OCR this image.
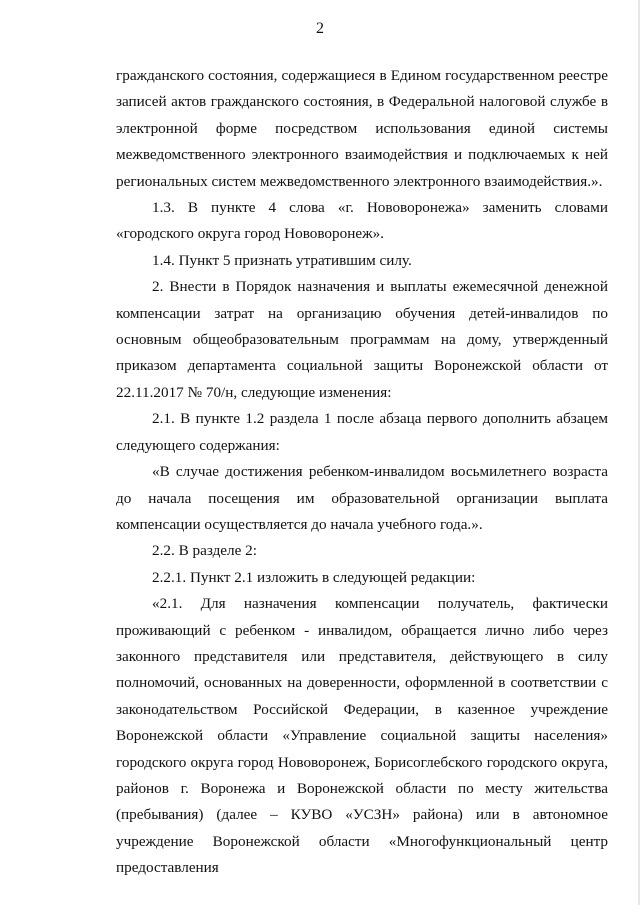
2

гражданского состояния, содержащиеся в Едином государственном реестре записей актов гражданского состояния, в Федеральной налоговой службе в электронной форме посредством использования единой системы межведомственного электронного взаимодействия и подключаемых к ней региональных систем межведомственного электронного взаимодействия.».

1.3. В пункте 4 слова «г. Нововоронежа» заменить словами «городского округа город Нововоронеж».

1.4. Пункт 5 признать утратившим силу.

2. Внести в Порядок назначения и выплаты ежемесячной денежной компенсации затрат на организацию обучения детей-инвалидов по основным общеобразовательным программам на дому, утвержденный приказом департамента социальной защиты Воронежской области от 22.11.2017 № 70/н, следующие изменения:

2.1. В пункте 1.2 раздела 1 после абзаца первого дополнить абзацем следующего содержания:

«В случае достижения ребенком-инвалидом восьмилетнего возраста до начала посещения им образовательной организации выплата компенсации осуществляется до начала учебного года.».

2.2. В разделе 2:

2.2.1. Пункт 2.1 изложить в следующей редакции:

«2.1. Для назначения компенсации получатель, фактически проживающий с ребенком - инвалидом, обращается лично либо через законного представителя или представителя, действующего в силу полномочий, основанных на доверенности, оформленной в соответствии с законодательством Российской Федерации, в казенное учреждение Воронежской области «Управление социальной защиты населения» городского округа город Нововоронеж, Борисоглебского городского округа, районов г. Воронежа и Воронежской области по месту жительства (пребывания) (далее – КУВО «УСЗН» района) или в автономное учреждение Воронежской области «Многофункциональный центр предоставления
